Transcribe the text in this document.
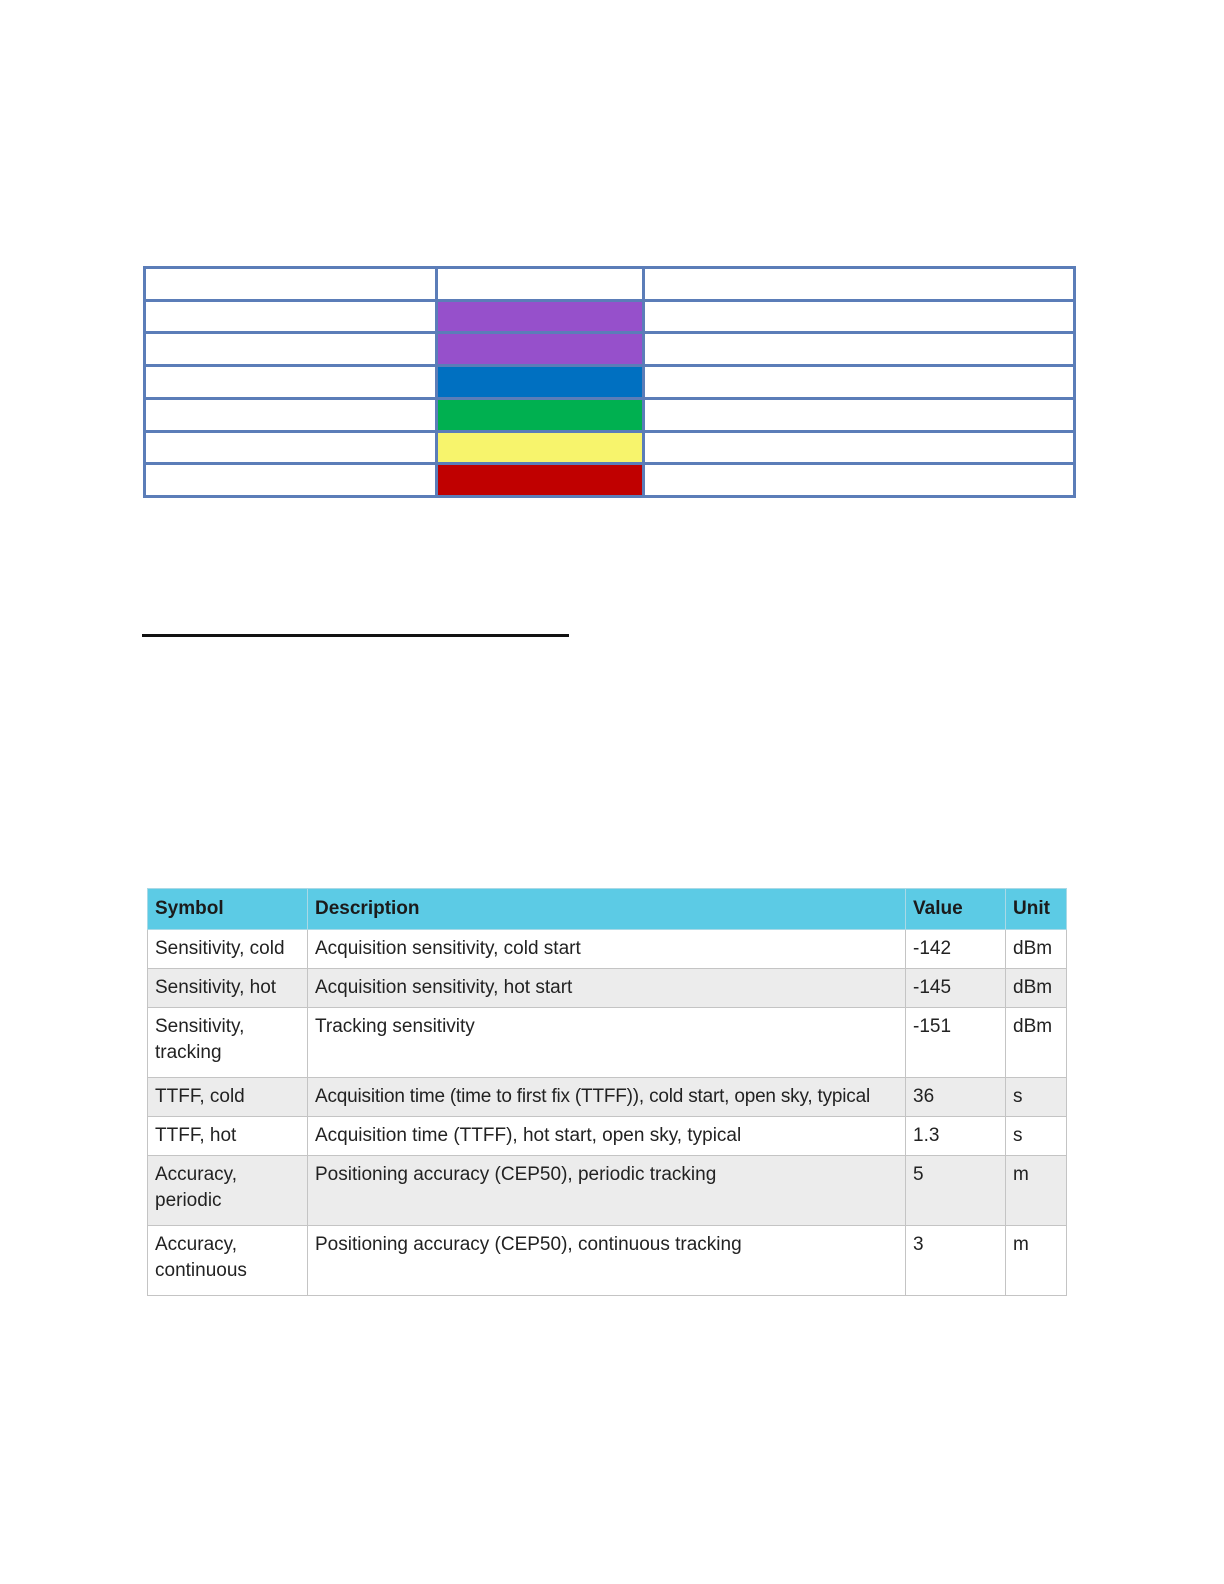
Symbol	Description	Value	Unit
Sensitivity, cold	Acquisition sensitivity, cold start	-142	dBm
Sensitivity, hot	Acquisition sensitivity, hot start	-145	dBm
Sensitivity, tracking	Tracking sensitivity	-151	dBm
TTFF, cold	Acquisition time (time to first fix (TTFF)), cold start, open sky, typical	36	s
TTFF, hot	Acquisition time (TTFF), hot start, open sky, typical	1.3	s
Accuracy, periodic	Positioning accuracy (CEP50), periodic tracking	5	m
Accuracy, continuous	Positioning accuracy (CEP50), continuous tracking	3	m
